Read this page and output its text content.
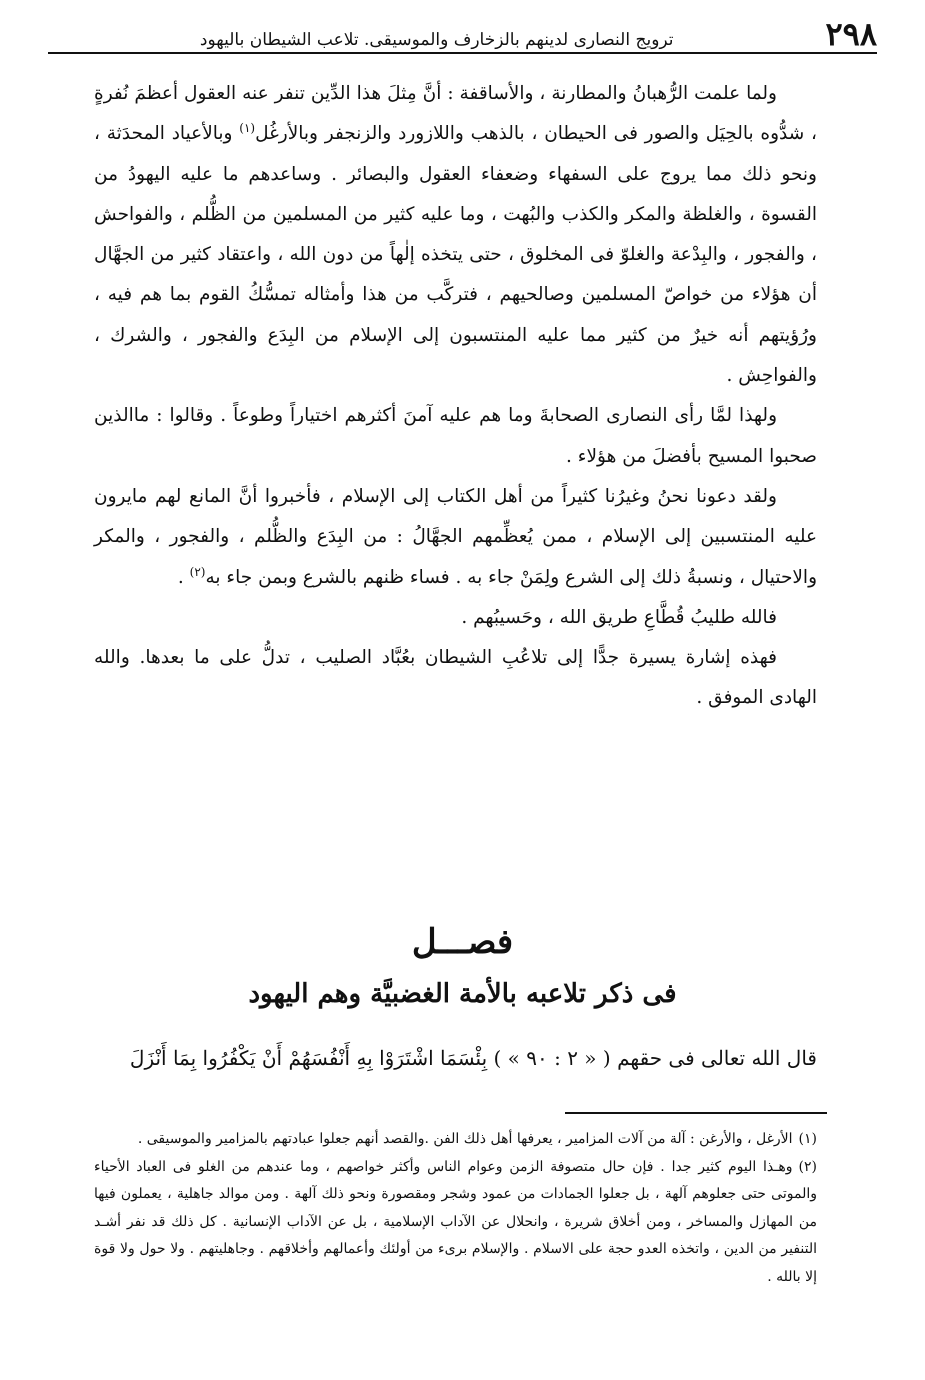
٢٩٨
ترويج النصارى لدينهم بالزخارف والموسيقى. تلاعب الشيطان باليهود

ولما علمت الرُّهبانُ والمطارنة ، والأساقفة : أنَّ مِثلَ هذا الدِّين تنفر عنه العقول أعظمَ نُفرةٍ ، شدُّوه بالحِيَل والصور فى الحيطان ، بالذهب واللازورد والزنجفر وبالأرغُل$^{(١)}$ وبالأعياد المحدَثة ، ونحو ذلك مما يروج على السفهاء وضعفاء العقول والبصائر . وساعدهم ما عليه اليهودُ من القسوة ، والغلظة والمكر والكذب والبُهت ، وما عليه كثير من المسلمين من الظُّلم ، والفواحش ، والفجور ، والبِدْعة والغلوّ فى المخلوق ، حتى يتخذه إلٰهاً من دون الله ، واعتقاد كثير من الجهَّال أن هؤلاء من خواصّ المسلمين وصالحيهم ، فتركَّب من هذا وأمثاله تمسُّكُ القوم بما هم فيه ، ورُؤيتهم أنه خيرٌ من كثير مما عليه المنتسبون إلى الإسلام من البِدَع والفجور ، والشرك ، والفواحِش .

ولهذا لمَّا رأى النصارى الصحابةَ وما هم عليه آمنَ أكثرهم اختياراً وطوعاً . وقالوا : ماالذين صحبوا المسيح بأفضلَ من هؤلاء .

ولقد دعونا نحنُ وغيرُنا كثيراً من أهل الكتاب إلى الإسلام ، فأخبروا أنَّ المانع لهم مايرون عليه المنتسبين إلى الإسلام ، ممن يُعظِّمهم الجهَّالُ : من البِدَع والظُّلم ، والفجور ، والمكر والاحتيال ، ونسبةُ ذلك إلى الشرع ولِمَنْ جاء به . فساء ظنهم بالشرع وبمن جاء به$^{(٢)}$ .

فالله طليبُ قُطَّاعِ طريق الله ، وحَسيبُهم .

فهذه إشارة يسيرة جدًّا إلى تلاعُبِ الشيطان بعُبَّاد الصليب ، تدلُّ على ما بعدها. والله الهادى الموفق .

فصـــل
فى ذكر تلاعبه بالأمة الغضبيَّة وهم اليهود
قال الله تعالى فى حقهم ( « ٢ : ٩٠ » ) بِئْسَمَا اشْتَرَوْا بِهِ أَنْفُسَهُمْ أَنْ يَكْفُرُوا بِمَا أَنْزَلَ

(١)الأرغل ، والأرغن : آلة من آلات المزامير ، يعرفها أهل ذلك الفن .والقصد أنهم جعلوا عبادتهم بالمزامير والموسيقى .

(٢)وهـذا اليوم كثير جدا . فإن حال متصوفة الزمن وعوام الناس وأكثر خواصهم ، وما عندهم من الغلو فى العباد الأحياء والموتى حتى جعلوهم آلهة ، بل جعلوا الجمادات من عمود وشجر ومقصورة ونحو ذلك آلهة . ومن موالد جاهلية ، يعملون فيها من المهازل والمساخر ، ومن أخلاق شريرة ، وانحلال عن الآداب الإسلامية ، بل عن الآداب الإنسانية . كل ذلك قد نفر أشـد التنفير من الدين ، واتخذه العدو حجة على الاسلام . والإسلام برىء من أولئك وأعمالهم وأخلاقهم . وجاهليتهم . ولا حول ولا قوة إلا بالله .
